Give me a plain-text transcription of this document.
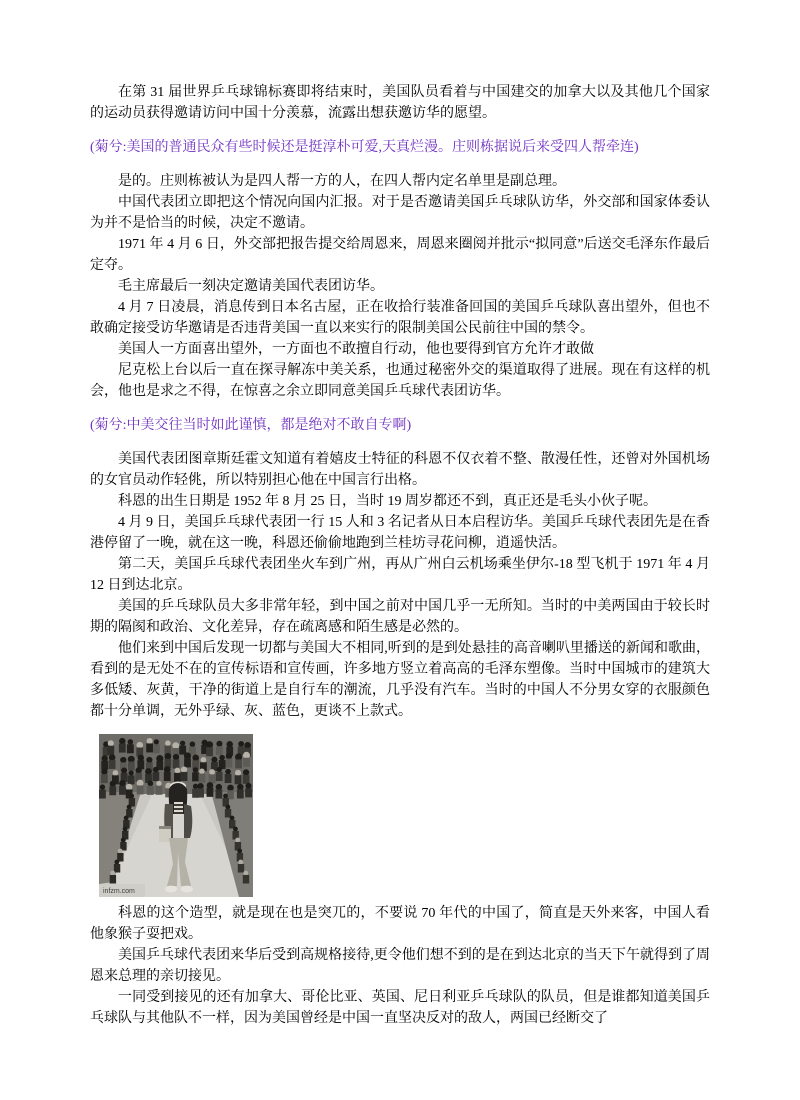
在第 31 届世界乒乓球锦标赛即将结束时，美国队员看着与中国建交的加拿大以及其他几个国家的运动员获得邀请访问中国十分羡慕，流露出想获邀访华的愿望。

(菊兮:美国的普通民众有些时候还是挺淳朴可爱,天真烂漫。庄则栋据说后来受四人帮牵连)

是的。庄则栋被认为是四人帮一方的人，在四人帮内定名单里是副总理。

中国代表团立即把这个情况向国内汇报。对于是否邀请美国乒乓球队访华，外交部和国家体委认为并不是恰当的时候，决定不邀请。

1971 年 4 月 6 日，外交部把报告提交给周恩来，周恩来圈阅并批示“拟同意”后送交毛泽东作最后定夺。

毛主席最后一刻决定邀请美国代表团访华。

4 月 7 日凌晨，消息传到日本名古屋，正在收拾行装准备回国的美国乒乓球队喜出望外，但也不敢确定接受访华邀请是否违背美国一直以来实行的限制美国公民前往中国的禁令。

美国人一方面喜出望外，一方面也不敢擅自行动，他也要得到官方允许才敢做

尼克松上台以后一直在探寻解冻中美关系，也通过秘密外交的渠道取得了进展。现在有这样的机会，他也是求之不得，在惊喜之余立即同意美国乒乓球代表团访华。

(菊兮:中美交往当时如此谨慎，都是绝对不敢自专啊)

美国代表团图章斯廷霍文知道有着嬉皮士特征的科恩不仅衣着不整、散漫任性，还曾对外国机场的女官员动作轻佻，所以特别担心他在中国言行出格。

科恩的出生日期是 1952 年 8 月 25 日，当时 19 周岁都还不到，真正还是毛头小伙子呢。

4 月 9 日，美国乒乓球代表团一行 15 人和 3 名记者从日本启程访华。美国乒乓球代表团先是在香港停留了一晚，就在这一晚，科恩还偷偷地跑到兰桂坊寻花问柳，逍遥快活。

第二天，美国乒乓球代表团坐火车到广州，再从广州白云机场乘坐伊尔-18 型飞机于 1971 年 4 月 12 日到达北京。

美国的乒乓球队员大多非常年轻，到中国之前对中国几乎一无所知。当时的中美两国由于较长时期的隔阂和政治、文化差异，存在疏离感和陌生感是必然的。

他们来到中国后发现一切都与美国大不相同,听到的是到处悬挂的高音喇叭里播送的新闻和歌曲，看到的是无处不在的宣传标语和宣传画，许多地方竖立着高高的毛泽东塑像。当时中国城市的建筑大多低矮、灰黄，干净的街道上是自行车的潮流，几乎没有汽车。当时的中国人不分男女穿的衣服颜色都十分单调，无外乎绿、灰、蓝色，更谈不上款式。

infzm.com

科恩的这个造型，就是现在也是突兀的，不要说 70 年代的中国了，简直是天外来客，中国人看他象猴子耍把戏。

美国乒乓球代表团来华后受到高规格接待,更令他们想不到的是在到达北京的当天下午就得到了周恩来总理的亲切接见。

一同受到接见的还有加拿大、哥伦比亚、英国、尼日利亚乒乓球队的队员，但是谁都知道美国乒乓球队与其他队不一样，因为美国曾经是中国一直坚决反对的敌人，两国已经断交了
